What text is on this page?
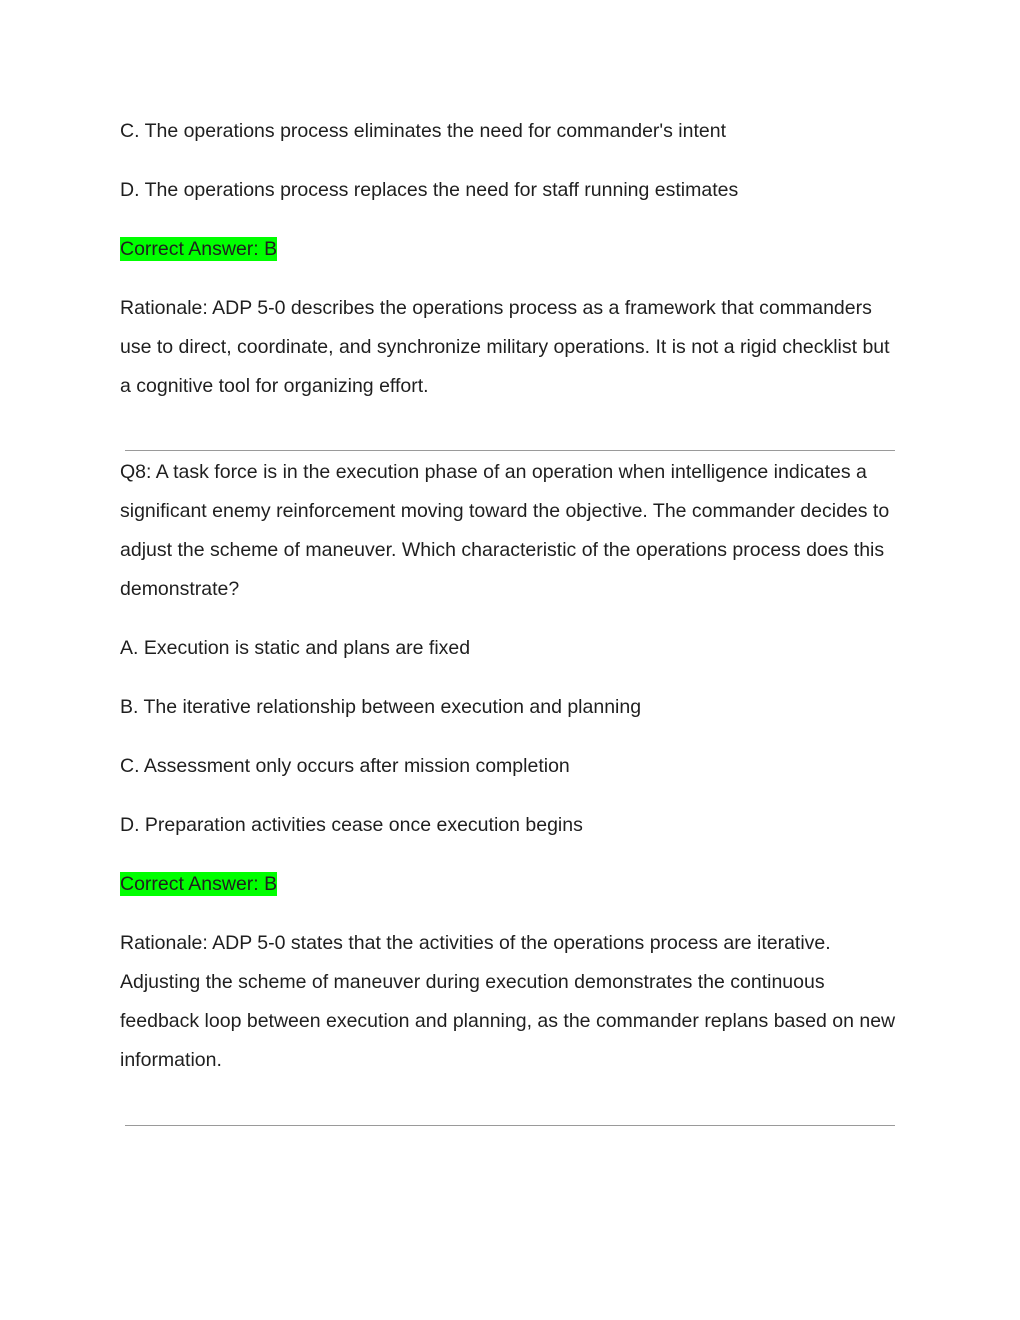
C. The operations process eliminates the need for commander's intent
D. The operations process replaces the need for staff running estimates
Correct Answer: B
Rationale: ADP 5-0 describes the operations process as a framework that commanders use to direct, coordinate, and synchronize military operations. It is not a rigid checklist but a cognitive tool for organizing effort.
Q8: A task force is in the execution phase of an operation when intelligence indicates a significant enemy reinforcement moving toward the objective. The commander decides to adjust the scheme of maneuver. Which characteristic of the operations process does this demonstrate?
A. Execution is static and plans are fixed
B. The iterative relationship between execution and planning
C. Assessment only occurs after mission completion
D. Preparation activities cease once execution begins
Correct Answer: B
Rationale: ADP 5-0 states that the activities of the operations process are iterative. Adjusting the scheme of maneuver during execution demonstrates the continuous feedback loop between execution and planning, as the commander replans based on new information.
